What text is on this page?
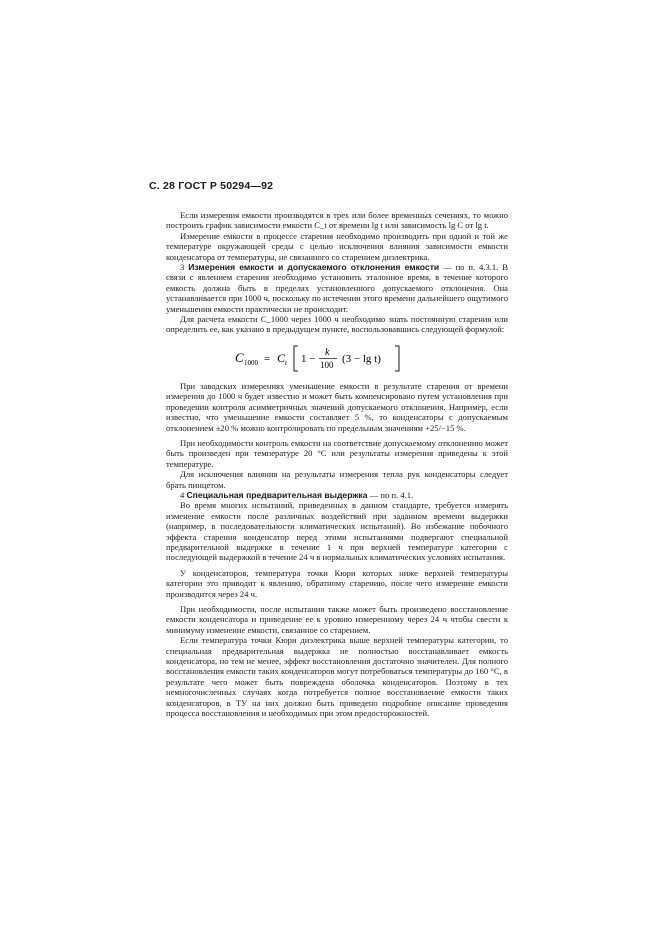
С. 28 ГОСТ Р 50294—92

Если измерения емкости производятся в трех или более временных сечениях, то можно построить график зависимости емкости C_t от времени lg t или зависимость lg C от lg t.

Измерение емкости в процессе старения необходимо производить при одной и той же температуре окружающей среды с целью исключения влияния зависимости емкости конденсатора от температуры, не связанного со старением диэлектрика.

3 Измерения емкости и допускаемого отклонения емкости — по п. 4.3.1. В связи с явлением старения необходимо установить эталонное время, в течение которого емкость должна быть в пределах установленного допускаемого отклонения. Она устанавливается при 1000 ч, поскольку по истечении этого времени дальнейшего ощутимого уменьшения емкости практически не происходит.

Для расчета емкости C_1000 через 1000 ч необходимо знать постоянную старения или определить ее, как указано в предыдущем пункте, воспользовавшись следующей формулой:

C 1000 = C t 1 −
k
100 (3 − lg t)

При заводских измерениях уменьшение емкости в результате старения от времени измерения до 1000 ч будет известно и может быть компенсировано путем установления при проведении контроля асимметричных значений допускаемого отклонения. Например, если известно, что уменьшение емкости составляет 5 %, то конденсаторы с допускаемым отклонением ±20 % можно контролировать по предельным значениям +25/−15 %.

При необходимости контроль емкости на соответствие допускаемому отклонению может быть произведен при температуре 20 °С или результаты измерения приведены к этой температуре.

Для исключения влияния на результаты измерения тепла рук конденсаторы следует брать пинцетом.

4 Специальная предварительная выдержка — по п. 4.1.

Во время многих испытаний, приведенных в данном стандарте, требуется измерять изменение емкости после различных воздействий при заданном времени выдержки (например, в последовательности климатических испытаний). Во избежание побочного эффекта старения конденсатор перед этими испытаниями подвергают специальной предварительной выдержке в течение 1 ч при верхней температуре категории с последующей выдержкой в течение 24 ч в нормальных климатических условиях испытания.

У конденсаторов, температура точки Кюри которых ниже верхней температуры категории это приводит к явлению, обратному старению, после чего измерение емкости производится через 24 ч.

При необходимости, после испытания также может быть произведено восстановление емкости конденсатора и приведение ее к уровню измеренному через 24 ч чтобы свести к минимуму изменение емкости, связанное со старением.

Если температура точки Кюри диэлектрика выше верхней температуры категории, то специальная предварительная выдержка не полностью восстанавливает емкость конденсатора, но тем не менее, эффект восстановления достаточно значителен. Для полного восстановления емкости таких конденсаторов могут потребоваться температуры до 160 °С, в результате чего может быть повреждена оболочка конденсаторов. Поэтому в тех немногочисленных случаях когда потребуется полное восстановление емкости таких конденсаторов, в ТУ на них должно быть приведено подробное описание проведения процесса восстановления и необходимых при этом предосторожностей.
